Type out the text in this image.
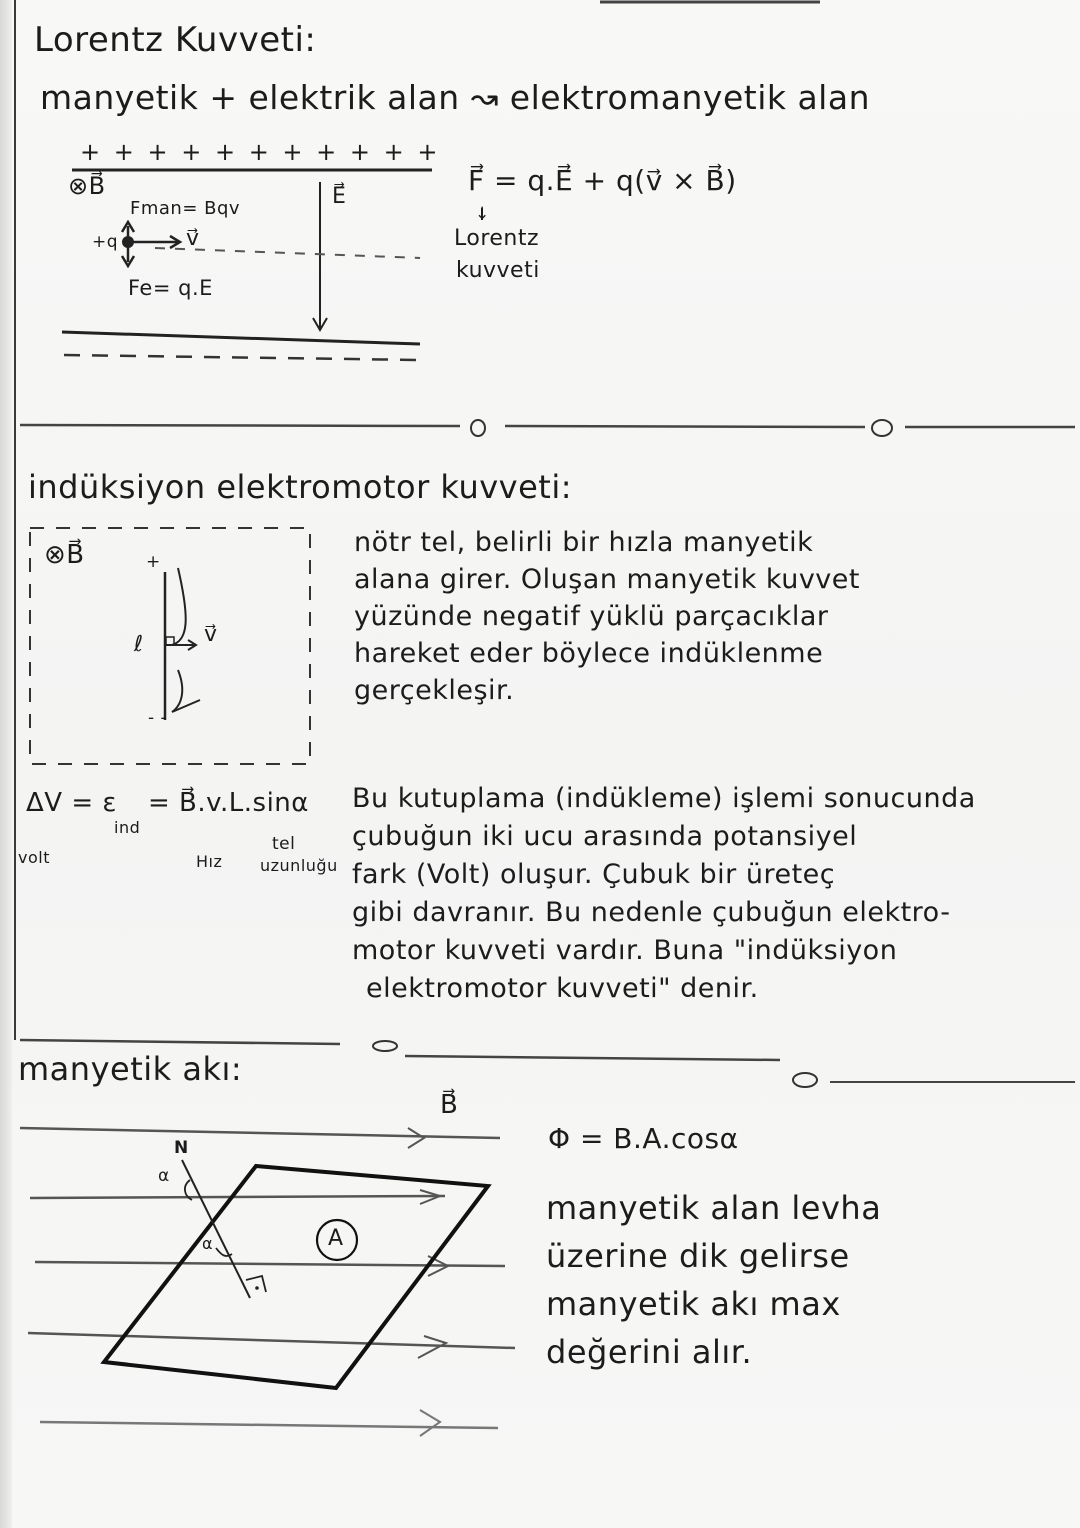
Lorentz Kuvveti:
manyetik + elektrik alan ↝ elektromanyetik alan
+ + + + + + + + + + +
⊗B⃗
Fman= Bqv
+q	v⃗
Fe= q.E
E⃗	F⃗ = q.E⃗ + q(v⃗ × B⃗)
↓
Lorentz
kuvveti
indüksiyon elektromotor kuvveti:
⊗B⃗	+
ℓ	v⃗
- -
nötr tel, belirli bir hızla manyetik
alana girer. Oluşan manyetik kuvvet
yüzünde negatif yüklü parçacıklar
hareket eder böylece indüklenme
gerçekleşir.
ΔV = ε
ind
= B⃗.v.L.sinα
volt	Hız
tel
uzunluğu
Bu kutuplama (indükleme) işlemi sonucunda
çubuğun iki ucu arasında potansiyel
fark (Volt) oluşur. Çubuk bir üreteç
gibi davranır. Bu nedenle çubuğun elektro-
motor kuvveti vardır. Buna "indüksiyon
elektromotor kuvveti" denir.
manyetik akı:
B⃗
N
α
α	A
Φ = B.A.cosα
manyetik alan levha
üzerine dik gelirse
manyetik akı max
değerini alır.
